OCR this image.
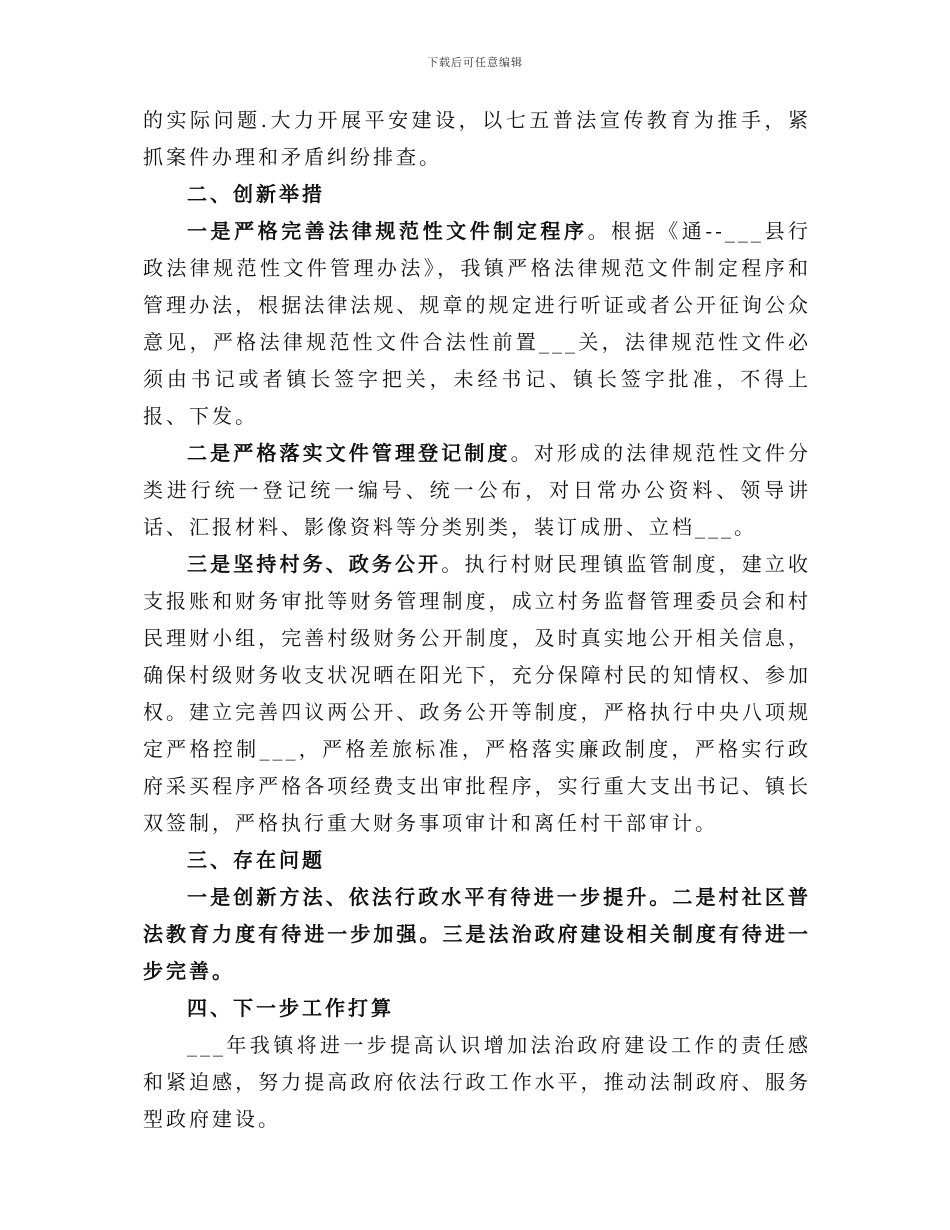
下载后可任意编辑

的实际问题.大力开展平安建设，以七五普法宣传教育为推手，紧抓案件办理和矛盾纠纷排查。

二、创新举措

一是严格完善法律规范性文件制定程序。根据《通--___县行政法律规范性文件管理办法》，我镇严格法律规范文件制定程序和管理办法，根据法律法规、规章的规定进行听证或者公开征询公众意见，严格法律规范性文件合法性前置___关，法律规范性文件必须由书记或者镇长签字把关，未经书记、镇长签字批准，不得上报、下发。

二是严格落实文件管理登记制度。对形成的法律规范性文件分类进行统一登记统一编号、统一公布，对日常办公资料、领导讲话、汇报材料、影像资料等分类别类，装订成册、立档___。

三是坚持村务、政务公开。执行村财民理镇监管制度，建立收支报账和财务审批等财务管理制度，成立村务监督管理委员会和村民理财小组，完善村级财务公开制度，及时真实地公开相关信息，确保村级财务收支状况晒在阳光下，充分保障村民的知情权、参加权。建立完善四议两公开、政务公开等制度，严格执行中央八项规定严格控制___，严格差旅标准，严格落实廉政制度，严格实行政府采买程序严格各项经费支出审批程序，实行重大支出书记、镇长双签制，严格执行重大财务事项审计和离任村干部审计。

三、存在问题

一是创新方法、依法行政水平有待进一步提升。二是村社区普法教育力度有待进一步加强。三是法治政府建设相关制度有待进一步完善。

四、下一步工作打算

___年我镇将进一步提高认识增加法治政府建设工作的责任感和紧迫感，努力提高政府依法行政工作水平，推动法制政府、服务型政府建设。
